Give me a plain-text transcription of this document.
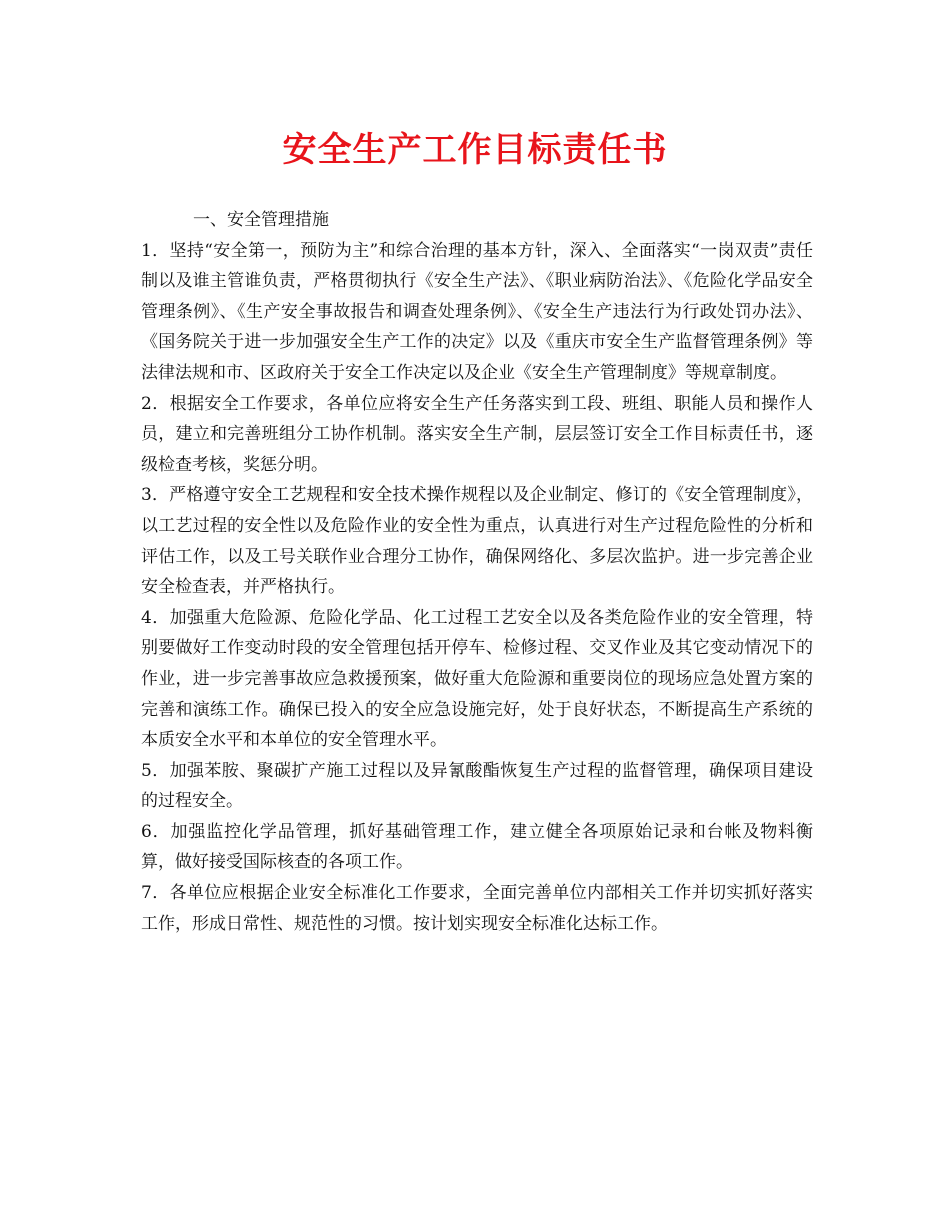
安全生产工作目标责任书

一、安全管理措施

1．坚持“安全第一，预防为主”和综合治理的基本方针，深入、全面落实“一岗双责”责任制以及谁主管谁负责，严格贯彻执行《安全生产法》、《职业病防治法》、《危险化学品安全管理条例》、《生产安全事故报告和调查处理条例》、《安全生产违法行为行政处罚办法》、《国务院关于进一步加强安全生产工作的决定》以及《重庆市安全生产监督管理条例》等法律法规和市、区政府关于安全工作决定以及企业《安全生产管理制度》等规章制度。

2．根据安全工作要求，各单位应将安全生产任务落实到工段、班组、职能人员和操作人员，建立和完善班组分工协作机制。落实安全生产制，层层签订安全工作目标责任书，逐级检查考核，奖惩分明。

3．严格遵守安全工艺规程和安全技术操作规程以及企业制定、修订的《安全管理制度》，以工艺过程的安全性以及危险作业的安全性为重点，认真进行对生产过程危险性的分析和评估工作，以及工号关联作业合理分工协作，确保网络化、多层次监护。进一步完善企业安全检查表，并严格执行。

4．加强重大危险源、危险化学品、化工过程工艺安全以及各类危险作业的安全管理，特别要做好工作变动时段的安全管理包括开停车、检修过程、交叉作业及其它变动情况下的作业，进一步完善事故应急救援预案，做好重大危险源和重要岗位的现场应急处置方案的完善和演练工作。确保已投入的安全应急设施完好，处于良好状态，不断提高生产系统的本质安全水平和本单位的安全管理水平。

5．加强苯胺、聚碳扩产施工过程以及异氰酸酯恢复生产过程的监督管理，确保项目建设的过程安全。

6．加强监控化学品管理，抓好基础管理工作，建立健全各项原始记录和台帐及物料衡算，做好接受国际核查的各项工作。

7．各单位应根据企业安全标准化工作要求，全面完善单位内部相关工作并切实抓好落实工作，形成日常性、规范性的习惯。按计划实现安全标准化达标工作。
